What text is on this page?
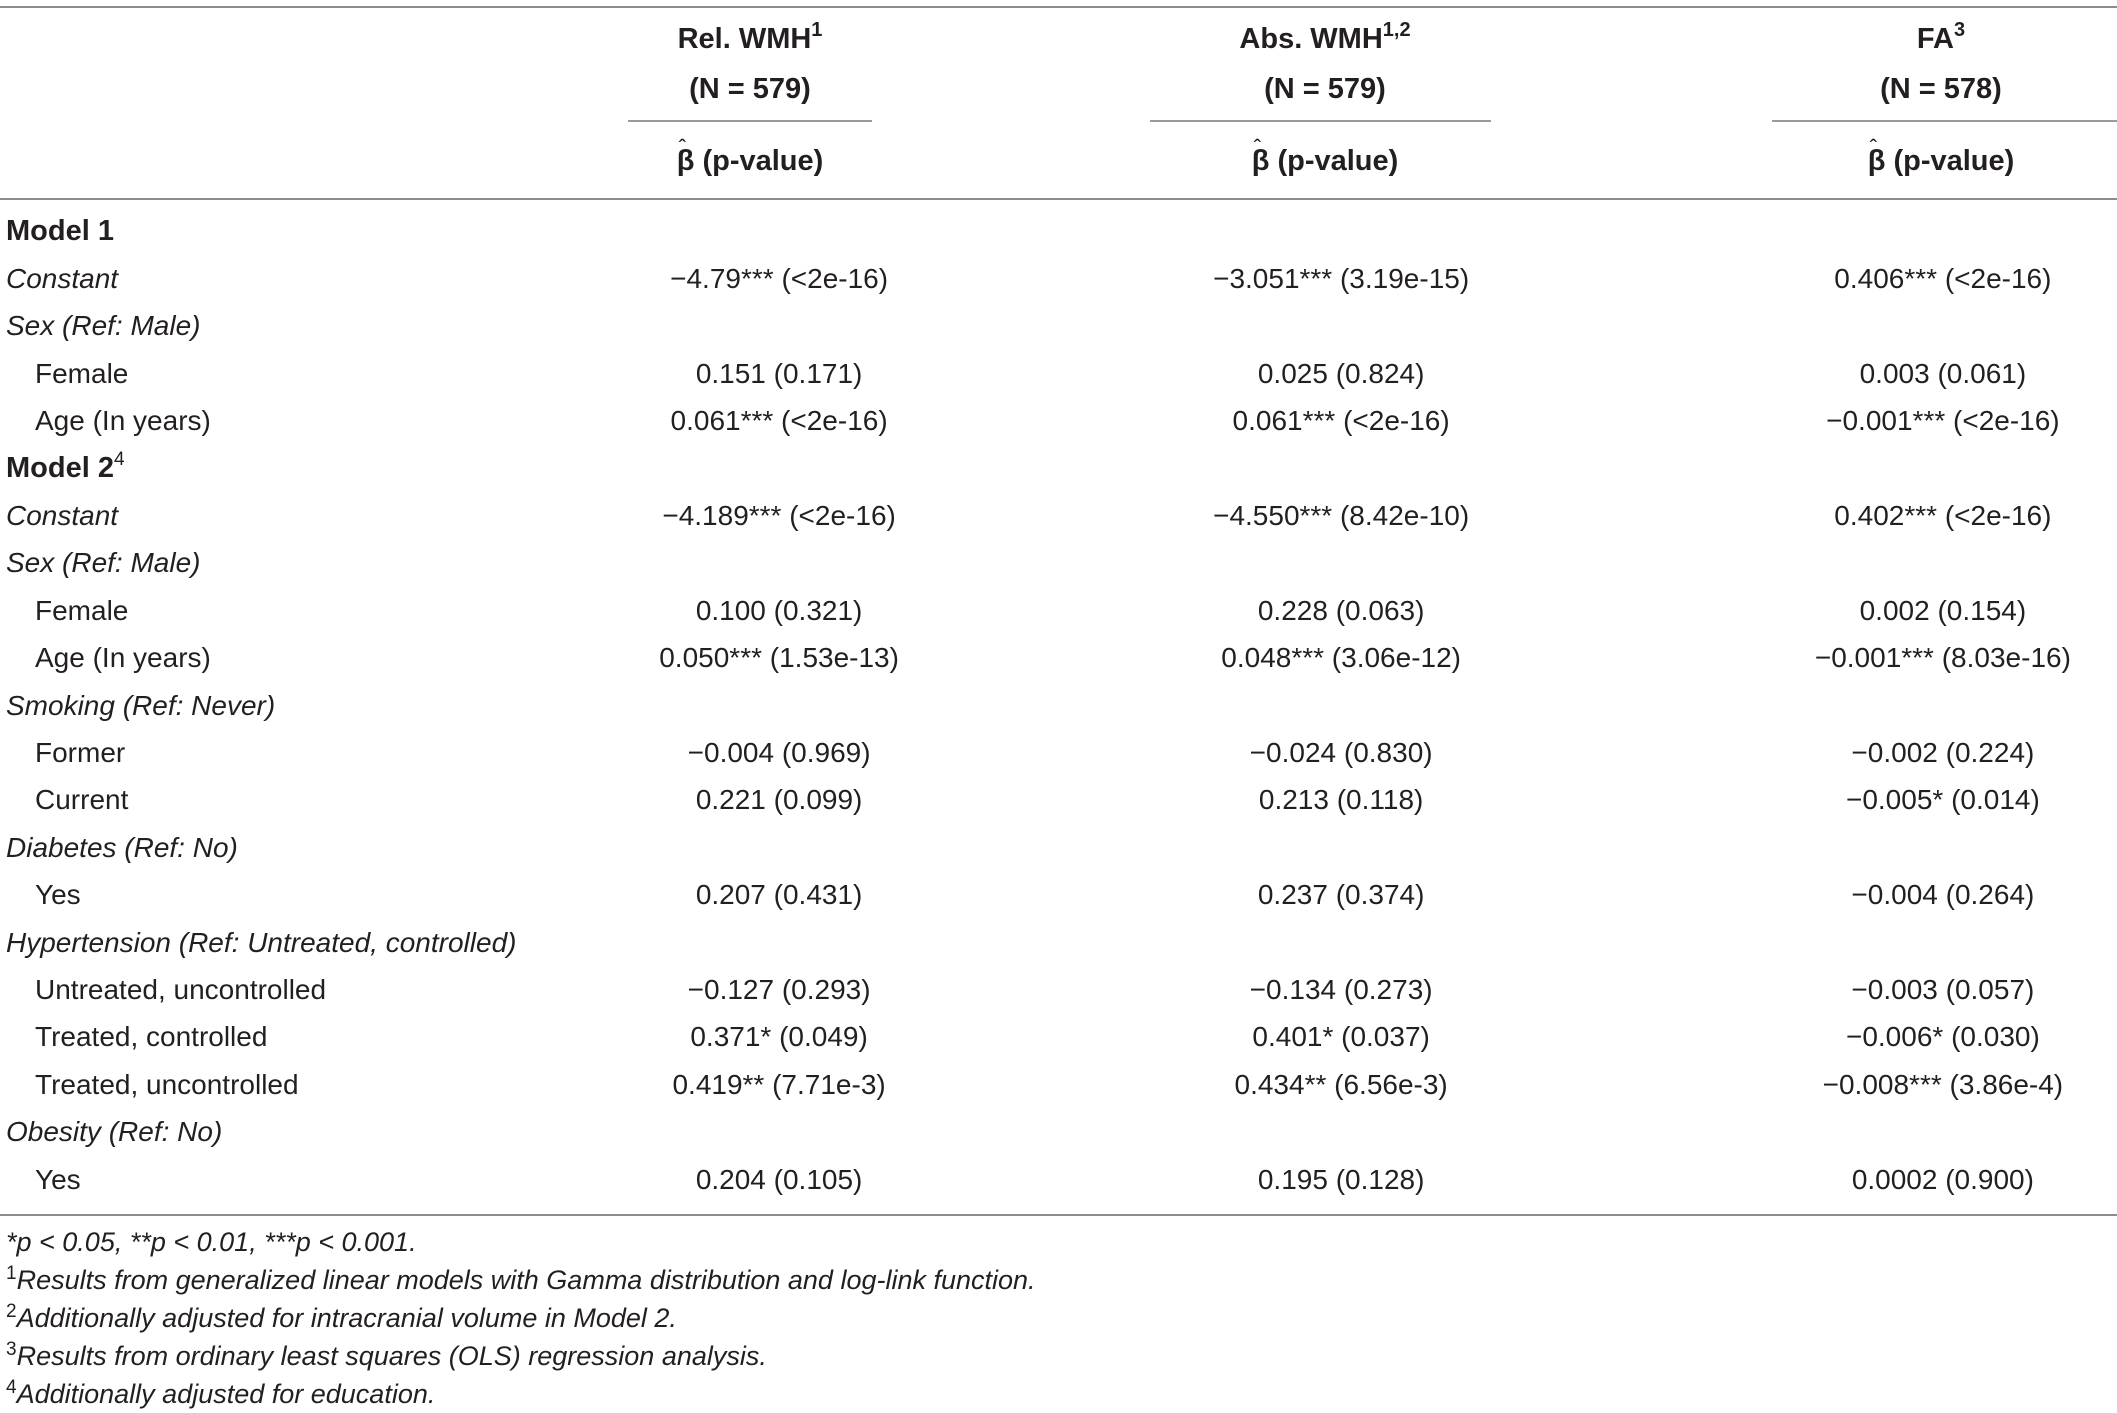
Rel. WMH$^1$
(N = 579)
Abs. WMH$^{1,2}$
(N = 579)
$FA^3$
(N = 578)
ˆ β (p-value)	ˆ β (p-value)	ˆ β (p-value)
Model 1					
Constant	−4.79*** (<2e-16)		−3.051*** (3.19e-15)		0.406*** (<2e-16)
Sex (Ref: Male)					
Female	0.151 (0.171)		0.025 (0.824)		0.003 (0.061)
Age (In years)	0.061*** (<2e-16)		0.061*** (<2e-16)		−0.001*** (<2e-16)
Model $2^4$					
Constant	−4.189*** (<2e-16)		−4.550*** (8.42e-10)		0.402*** (<2e-16)
Sex (Ref: Male)					
Female	0.100 (0.321)		0.228 (0.063)		0.002 (0.154)
Age (In years)	0.050*** (1.53e-13)		0.048*** (3.06e-12)		−0.001*** (8.03e-16)
Smoking (Ref: Never)					
Former	−0.004 (0.969)		−0.024 (0.830)		−0.002 (0.224)
Current	0.221 (0.099)		0.213 (0.118)		−0.005* (0.014)
Diabetes (Ref: No)					
Yes	0.207 (0.431)		0.237 (0.374)		−0.004 (0.264)
Hypertension (Ref: Untreated, controlled)					
Untreated, uncontrolled	−0.127 (0.293)		−0.134 (0.273)		−0.003 (0.057)
Treated, controlled	0.371* (0.049)		0.401* (0.037)		−0.006* (0.030)
Treated, uncontrolled	0.419** (7.71e-3)		0.434** (6.56e-3)		−0.008*** (3.86e-4)
Obesity (Ref: No)					
Yes	0.204 (0.105)		0.195 (0.128)		0.0002 (0.900)
*p < 0.05, **p < 0.01, ***p < 0.001.
$^1$Results from generalized linear models with Gamma distribution and log-link function.
$^2$Additionally adjusted for intracranial volume in Model 2.
$^3$Results from ordinary least squares (OLS) regression analysis.
$^4$Additionally adjusted for education.
